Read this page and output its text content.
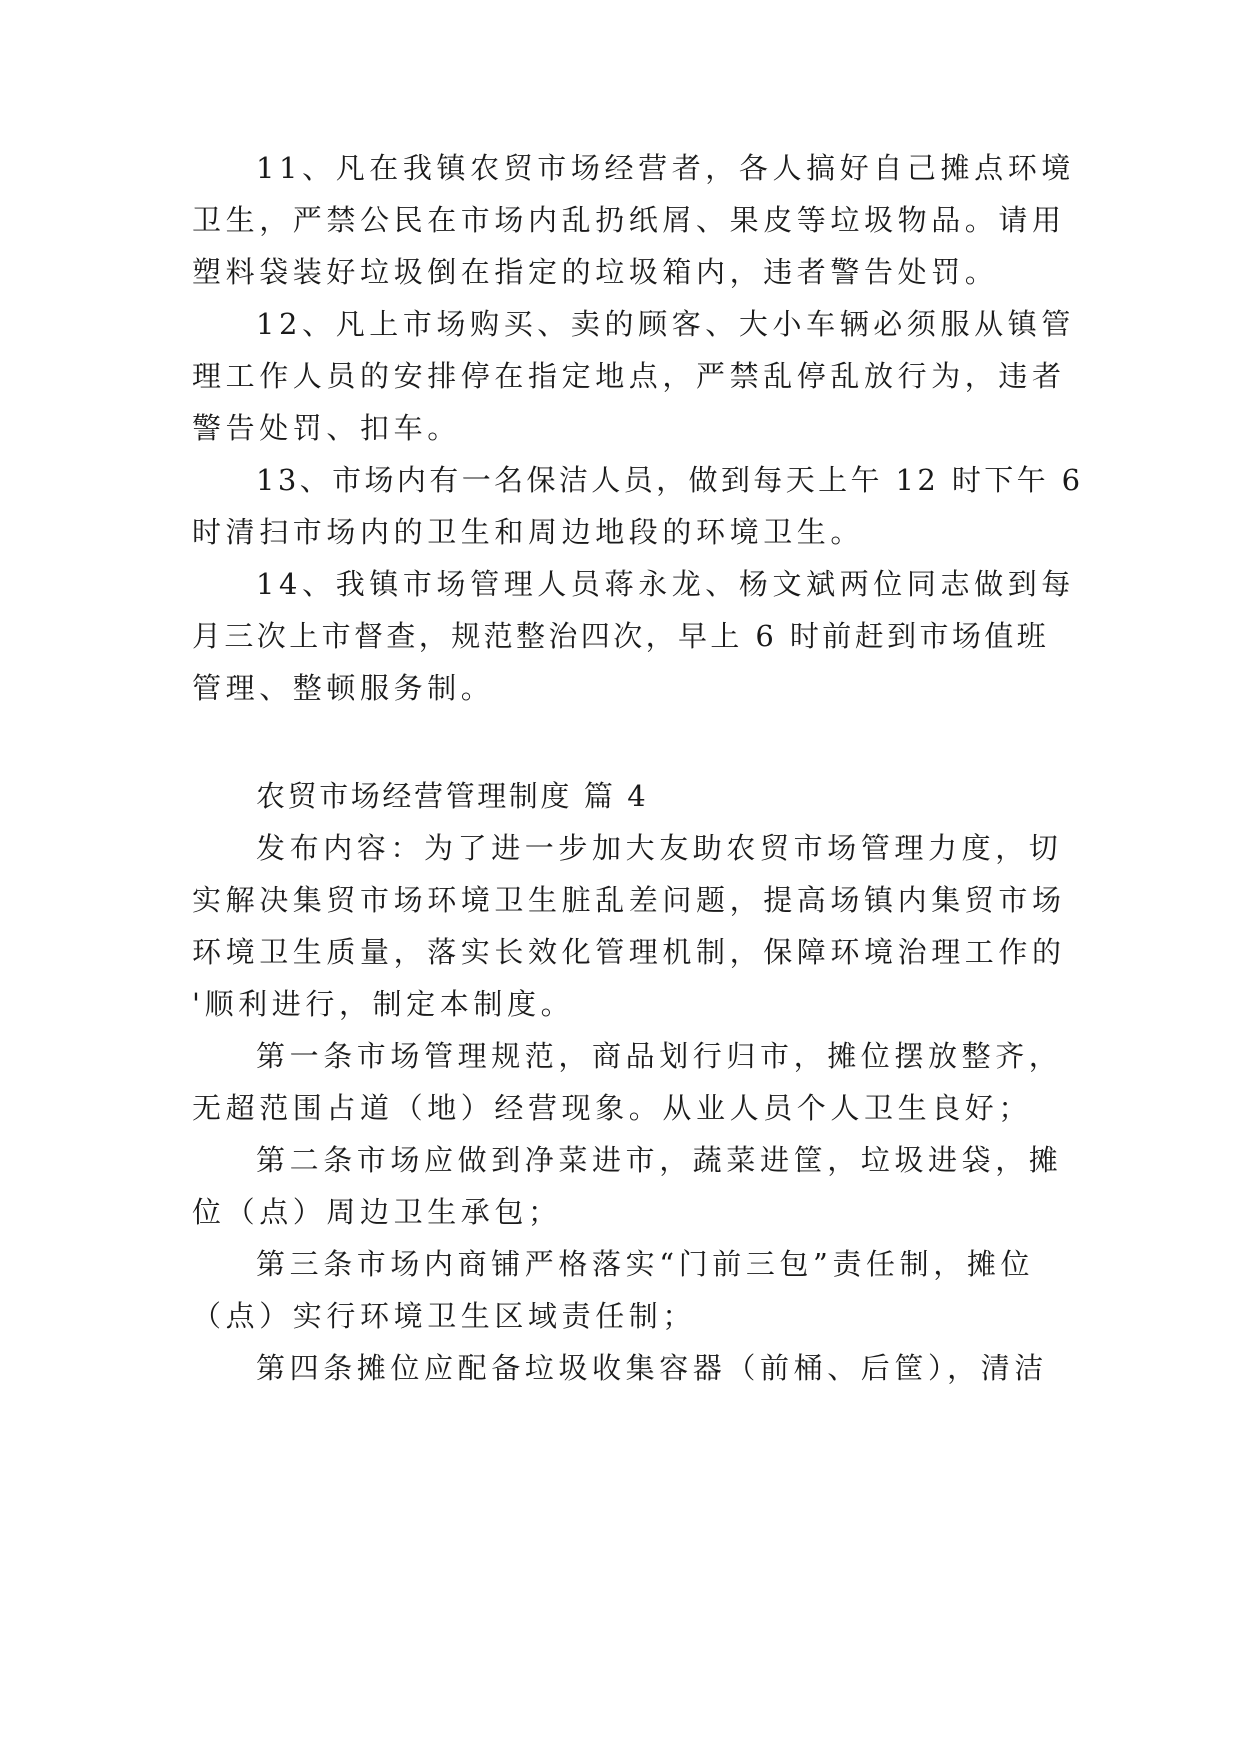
11、凡在我镇农贸市场经营者，各人搞好自己摊点环境
卫生，严禁公民在市场内乱扔纸屑、果皮等垃圾物品。请用
塑料袋装好垃圾倒在指定的垃圾箱内，违者警告处罚。
12、凡上市场购买、卖的顾客、大小车辆必须服从镇管
理工作人员的安排停在指定地点，严禁乱停乱放行为，违者
警告处罚、扣车。
13、市场内有一名保洁人员，做到每天上午 12 时下午 6
时清扫市场内的卫生和周边地段的环境卫生。
14、我镇市场管理人员蒋永龙、杨文斌两位同志做到每
月三次上市督查，规范整治四次，早上 6 时前赶到市场值班
管理、整顿服务制。
农贸市场经营管理制度 篇 4
发布内容：为了进一步加大友助农贸市场管理力度，切
实解决集贸市场环境卫生脏乱差问题，提高场镇内集贸市场
环境卫生质量，落实长效化管理机制，保障环境治理工作的
'顺利进行，制定本制度。
第一条市场管理规范，商品划行归市，摊位摆放整齐，
无超范围占道（地）经营现象。从业人员个人卫生良好；
第二条市场应做到净菜进市，蔬菜进筐，垃圾进袋，摊
位（点）周边卫生承包；
第三条市场内商铺严格落实“门前三包”责任制，摊位
（点）实行环境卫生区域责任制；
第四条摊位应配备垃圾收集容器（前桶、后筐），清洁
